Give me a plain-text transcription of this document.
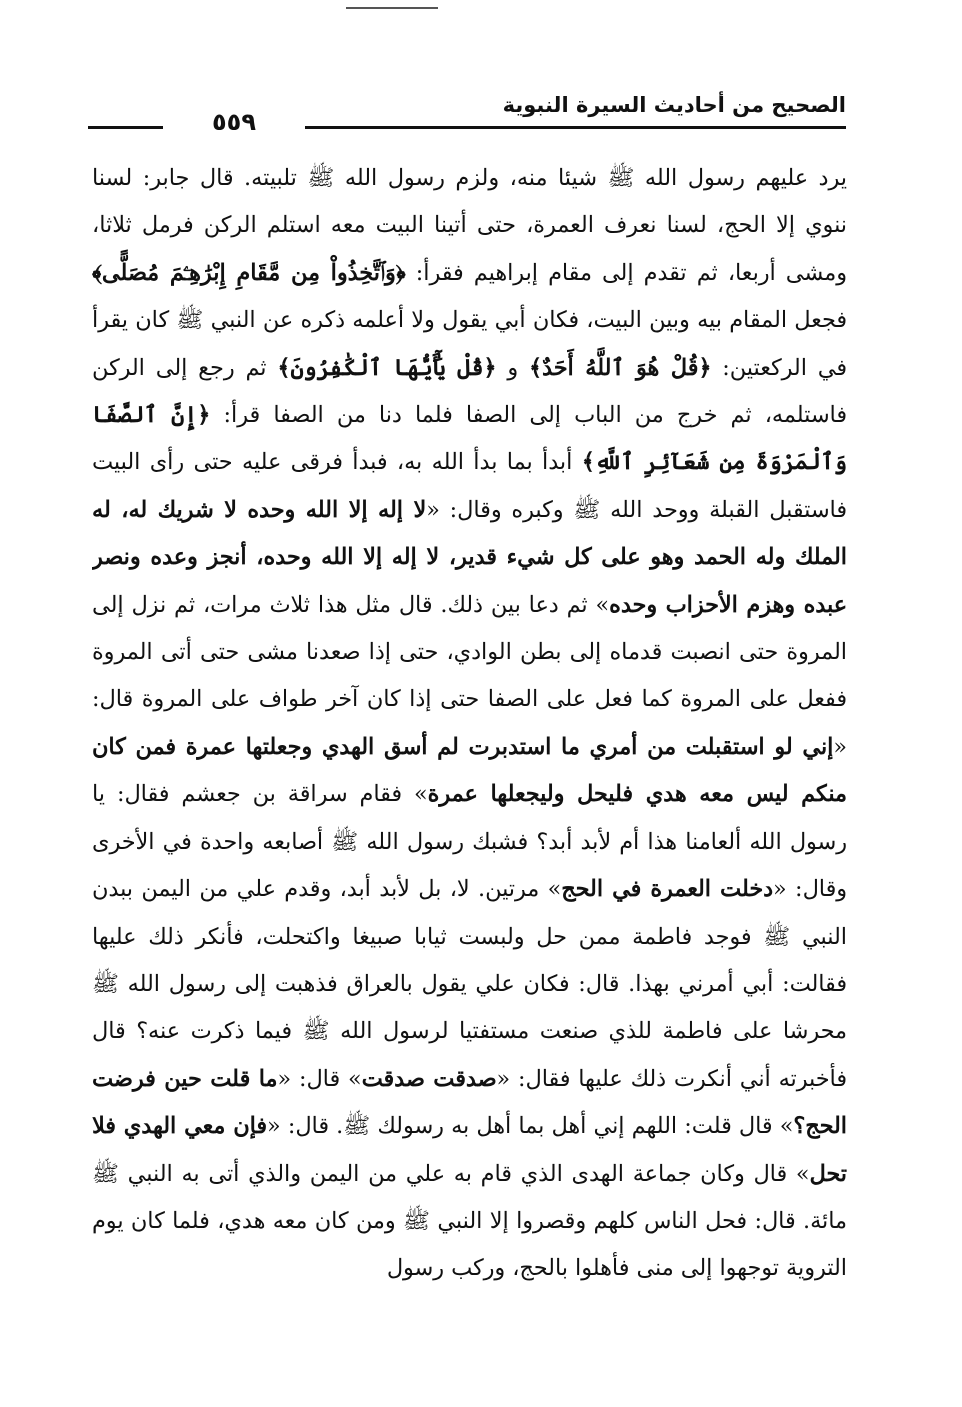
٥٥٩
الصحيح من أحاديث السيرة النبوية
يرد عليهم رسول الله ﷺ شيئا منه، ولزم رسول الله ﷺ تلبيته. قال جابر: لسنا ننوي إلا الحج، لسنا نعرف العمرة، حتى أتينا البيت معه استلم الركن فرمل ثلاثا، ومشى أربعا، ثم تقدم إلى مقام إبراهيم فقرأ: ﴿وَٱتَّخِذُواْ مِن مَّقَامِ إِبْرَٰهِـۧمَ مُصَلًّى﴾ فجعل المقام بيه وبين البيت، فكان أبي يقول ولا أعلمه ذكره عن النبي ﷺ كان يقرأ في الركعتين: ﴿قُلْ هُوَ ٱللَّهُ أَحَدٌ﴾ و ﴿قُلْ يَٰٓأَيُّهَا ٱلْكَٰفِرُونَ﴾ ثم رجع إلى الركن فاستلمه، ثم خرج من الباب إلى الصفا فلما دنا من الصفا قرأ: ﴿إِنَّ ٱلصَّفَا وَٱلْمَرْوَةَ مِن شَعَآئِرِ ٱللَّهِ﴾ أبدأ بما بدأ الله به، فبدأ فرقى عليه حتى رأى البيت فاستقبل القبلة ووحد الله ﷺ وكبره وقال: «لا إله إلا الله وحده لا شريك له، له الملك وله الحمد وهو على كل شيء قدير، لا إله إلا الله وحده، أنجز وعده ونصر عبده وهزم الأحزاب وحده» ثم دعا بين ذلك. قال مثل هذا ثلاث مرات، ثم نزل إلى المروة حتى انصبت قدماه إلى بطن الوادي، حتى إذا صعدنا مشى حتى أتى المروة ففعل على المروة كما فعل على الصفا حتى إذا كان آخر طواف على المروة قال: «إني لو استقبلت من أمري ما استدبرت لم أسق الهدي وجعلتها عمرة فمن كان منكم ليس معه هدي فليحل وليجعلها عمرة» فقام سراقة بن جعشم فقال: يا رسول الله ألعامنا هذا أم لأبد أبد؟ فشبك رسول الله ﷺ أصابعه واحدة في الأخرى وقال: «دخلت العمرة في الحج» مرتين. لا، بل لأبد أبد، وقدم علي من اليمن ببدن النبي ﷺ فوجد فاطمة ممن حل ولبست ثيابا صبيغا واكتحلت، فأنكر ذلك عليها فقالت: أبي أمرني بهذا. قال: فكان علي يقول بالعراق فذهبت إلى رسول الله ﷺ محرشا على فاطمة للذي صنعت مستفتيا لرسول الله ﷺ فيما ذكرت عنه؟ قال فأخبرته أني أنكرت ذلك عليها فقال: «صدقت صدقت» قال: «ما قلت حين فرضت الحج؟» قال قلت: اللهم إني أهل بما أهل به رسولك ﷺ. قال: «فإن معي الهدي فلا تحل» قال وكان جماعة الهدى الذي قام به علي من اليمن والذي أتى به النبي ﷺ مائة. قال: فحل الناس كلهم وقصروا إلا النبي ﷺ ومن كان معه هدي، فلما كان يوم التروية توجهوا إلى منى فأهلوا بالحج، وركب رسول
